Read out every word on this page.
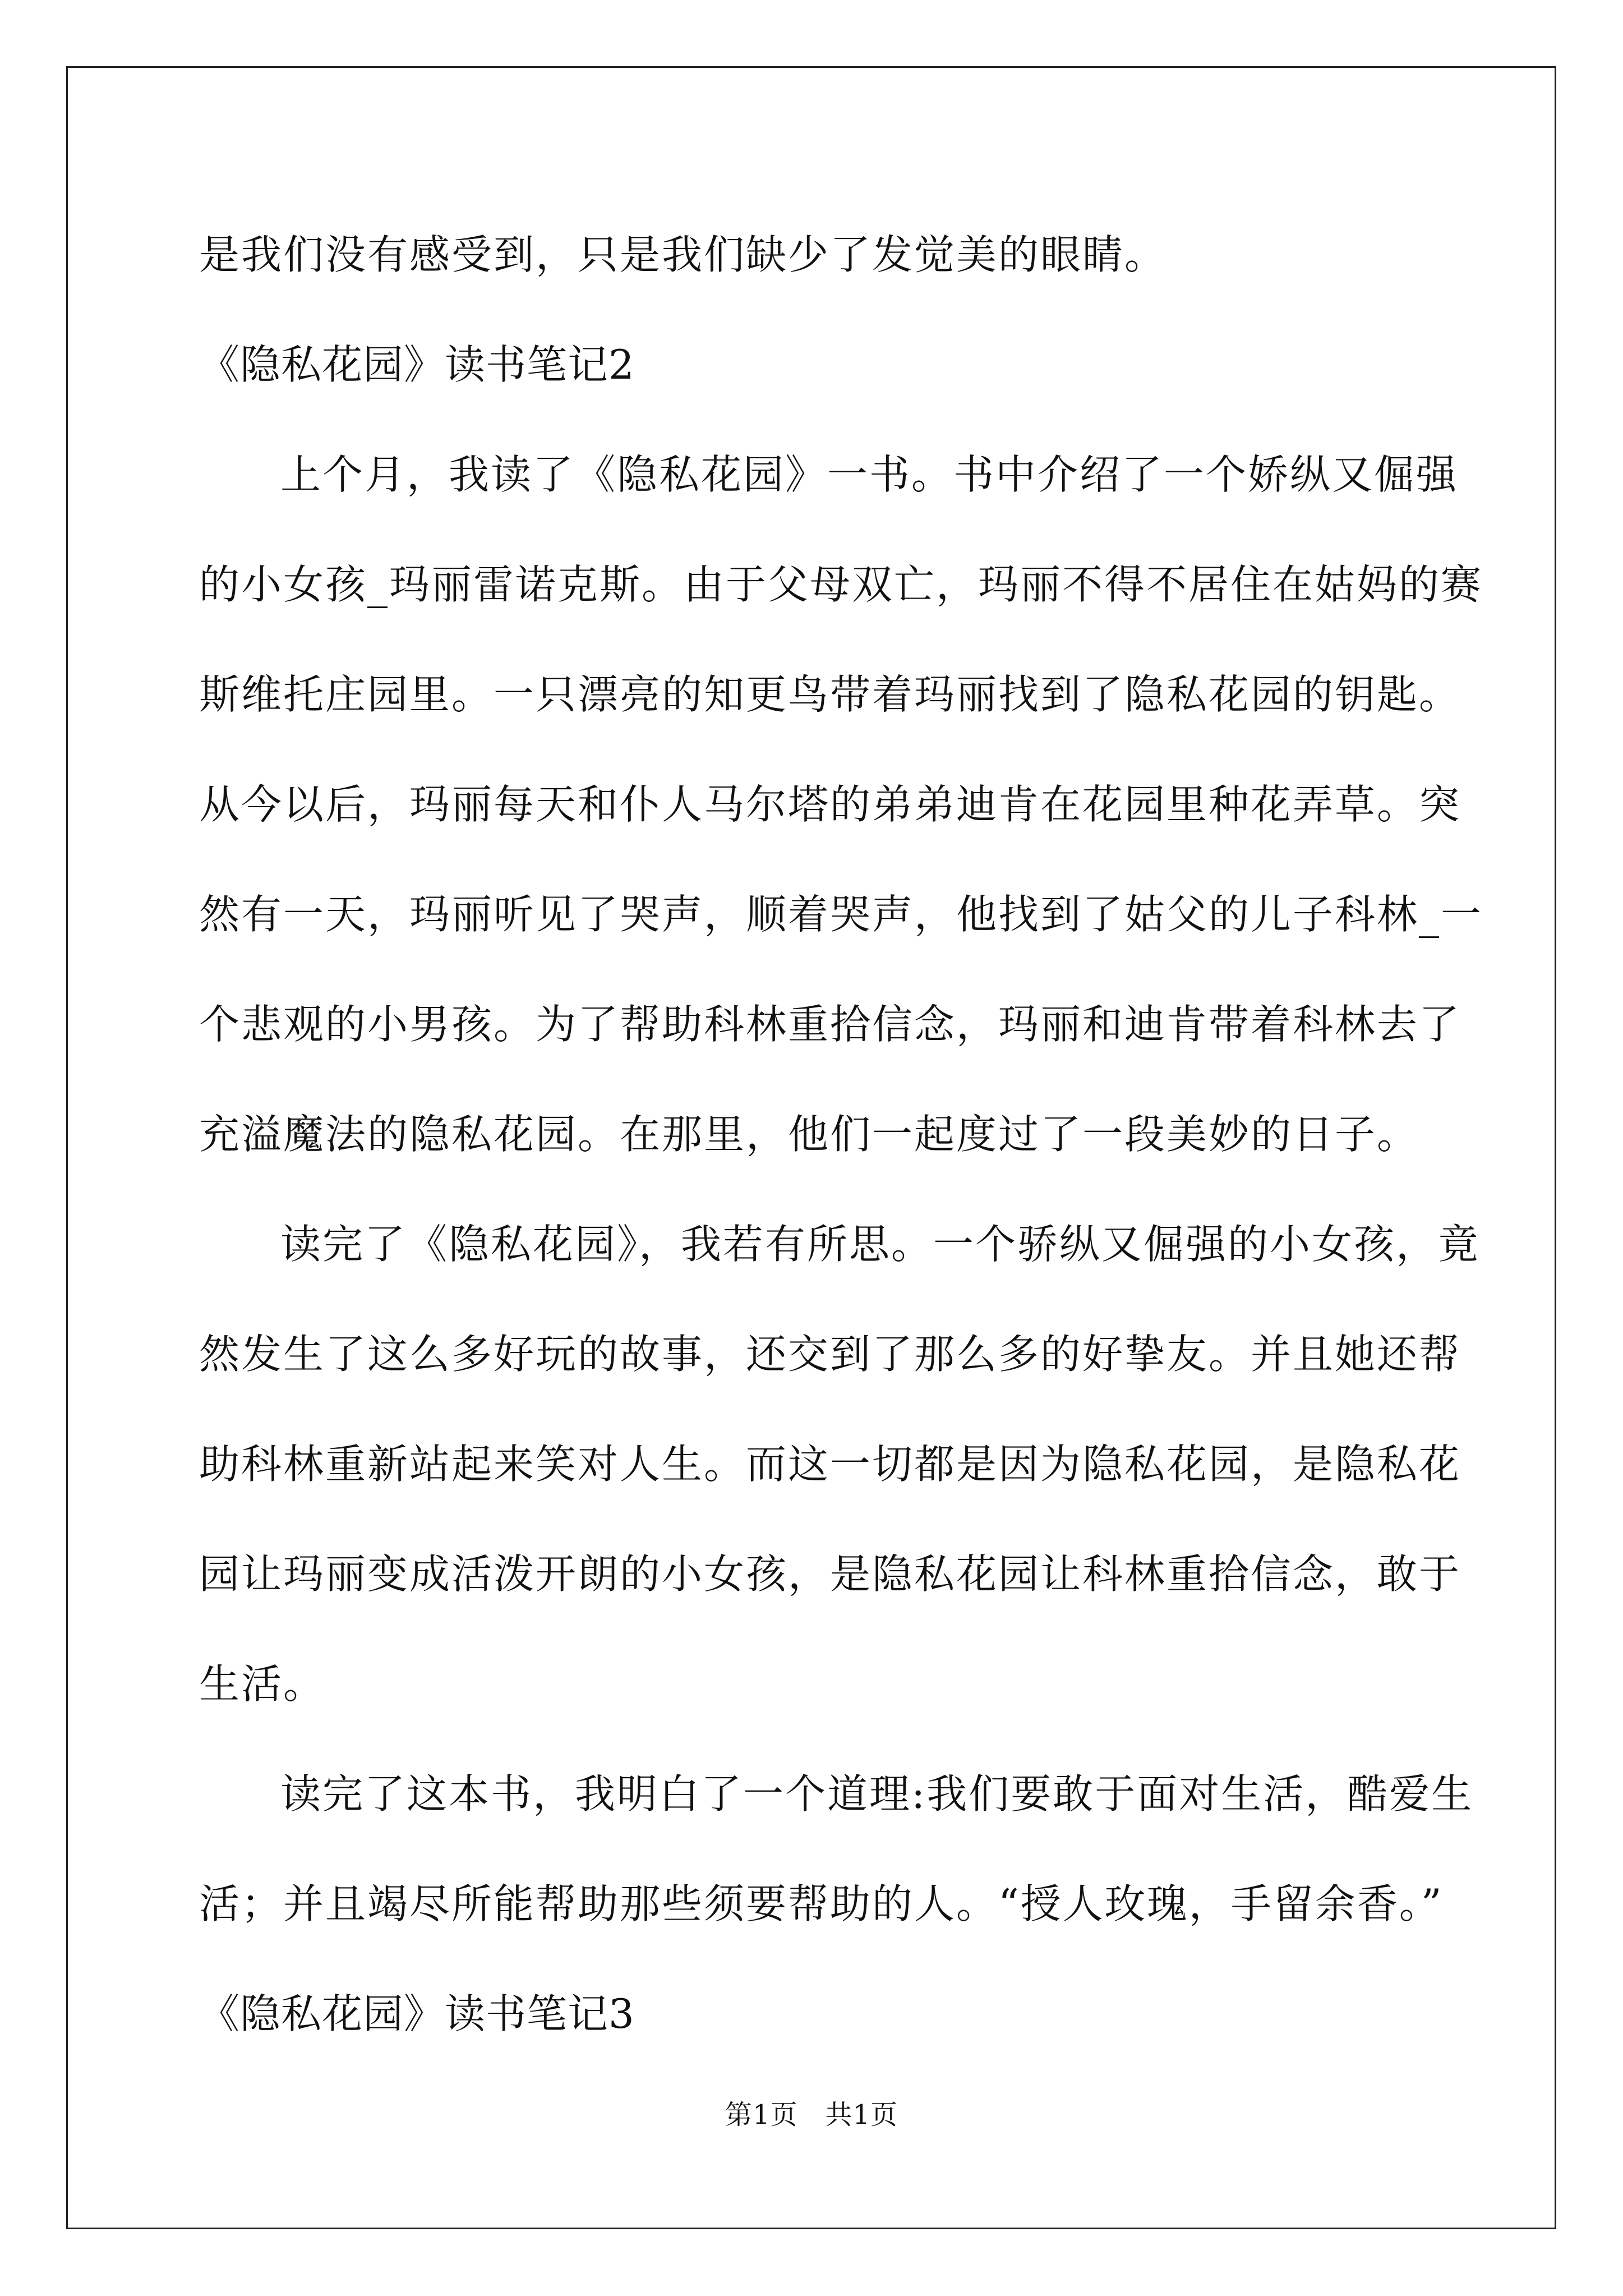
是我们没有感受到，只是我们缺少了发觉美的眼睛。
《隐私花园》读书笔记2
上个月，我读了《隐私花园》一书。书中介绍了一个娇纵又倔强
的小女孩_玛丽雷诺克斯。由于父母双亡，玛丽不得不居住在姑妈的赛
斯维托庄园里。一只漂亮的知更鸟带着玛丽找到了隐私花园的钥匙。
从今以后，玛丽每天和仆人马尔塔的弟弟迪肯在花园里种花弄草。突
然有一天，玛丽听见了哭声，顺着哭声，他找到了姑父的儿子科林_一
个悲观的小男孩。为了帮助科林重拾信念，玛丽和迪肯带着科林去了
充溢魔法的隐私花园。在那里，他们一起度过了一段美妙的日子。
读完了《隐私花园》，我若有所思。一个骄纵又倔强的小女孩，竟
然发生了这么多好玩的故事，还交到了那么多的好挚友。并且她还帮
助科林重新站起来笑对人生。而这一切都是因为隐私花园，是隐私花
园让玛丽变成活泼开朗的小女孩，是隐私花园让科林重拾信念，敢于
生活。
读完了这本书，我明白了一个道理:我们要敢于面对生活，酷爱生
活；并且竭尽所能帮助那些须要帮助的人。“授人玫瑰，手留余香。”
《隐私花园》读书笔记3
第1页　共1页
